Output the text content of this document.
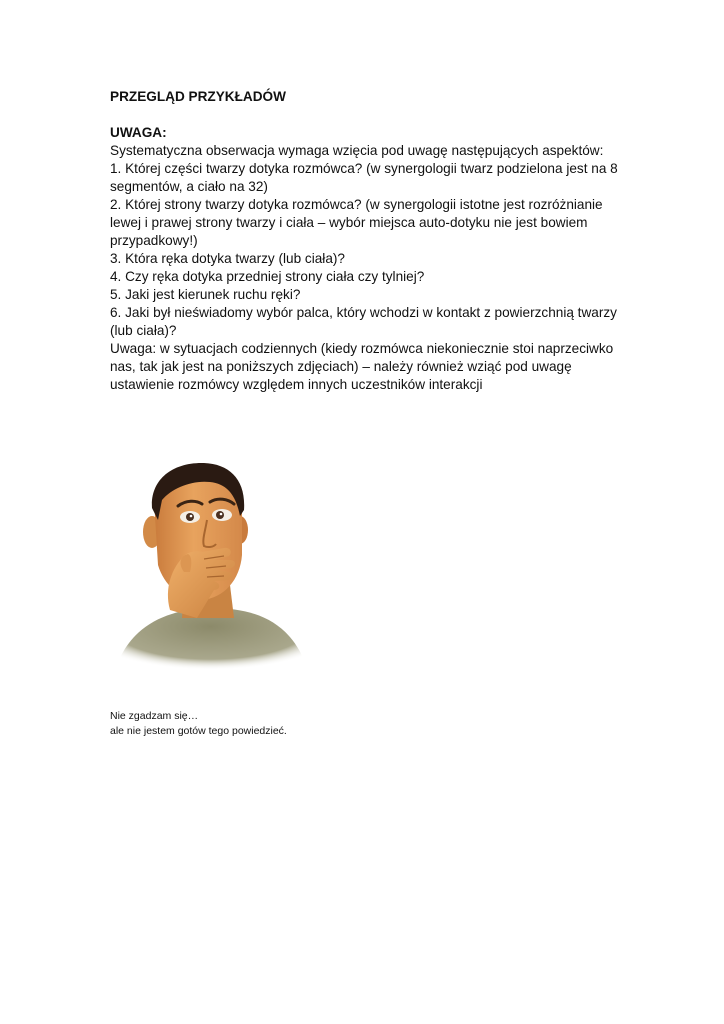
PRZEGLĄD PRZYKŁADÓW

UWAGA:

Systematyczna obserwacja wymaga wzięcia pod uwagę następujących aspektów:

1. Której części twarzy dotyka rozmówca? (w synergologii twarz podzielona jest na 8

segmentów, a ciało na 32)

2. Której strony twarzy dotyka rozmówca? (w synergologii istotne jest rozróżnianie

lewej i prawej strony twarzy i ciała – wybór miejsca auto-dotyku nie jest bowiem

przypadkowy!)

3. Która ręka dotyka twarzy (lub ciała)?

4. Czy ręka dotyka przedniej strony ciała czy tylniej?

5. Jaki jest kierunek ruchu ręki?

6. Jaki był nieświadomy wybór palca, który wchodzi w kontakt z powierzchnią twarzy

(lub ciała)?

Uwaga: w sytuacjach codziennych (kiedy rozmówca niekoniecznie stoi naprzeciwko

nas, tak jak jest na poniższych zdjęciach) – należy również wziąć pod uwagę

ustawienie rozmówcy względem innych uczestników interakcji

Nie zgadzam się…
ale nie jestem gotów tego powiedzieć.
